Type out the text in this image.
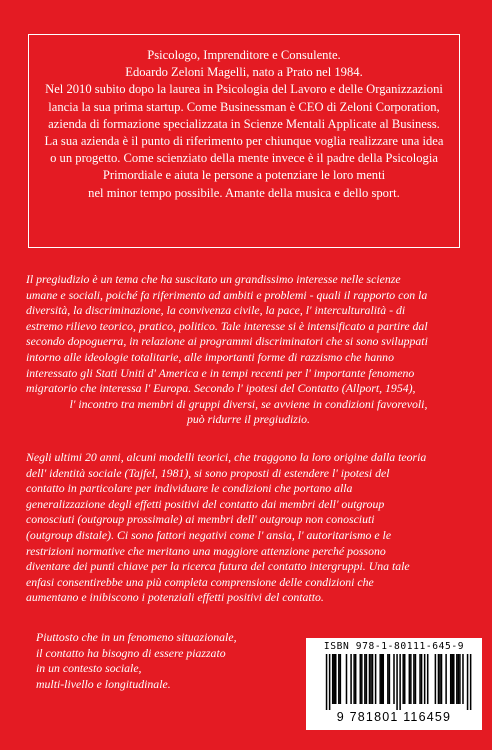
Psicologo, Imprenditore e Consulente.
Edoardo Zeloni Magelli, nato a Prato nel 1984.
Nel 2010 subito dopo la laurea in Psicologia del Lavoro e delle Organizzazioni
lancia la sua prima startup. Come Businessman è CEO di Zeloni Corporation,
azienda di formazione specializzata in Scienze Mentali Applicate al Business.
La sua azienda è il punto di riferimento per chiunque voglia realizzare una idea
o un progetto. Come scienziato della mente invece è il padre della Psicologia
Primordiale e aiuta le persone a potenziare le loro menti
nel minor tempo possibile. Amante della musica e dello sport.
Il pregiudizio è un tema che ha suscitato un grandissimo interesse nelle scienze
umane e sociali, poiché fa riferimento ad ambiti e problemi - quali il rapporto con la
diversità, la discriminazione, la convivenza civile, la pace, l' interculturalità - di
estremo rilievo teorico, pratico, politico. Tale interesse si è intensificato a partire dal
secondo dopoguerra, in relazione ai programmi discriminatori che si sono sviluppati
intorno alle ideologie totalitarie, alle importanti forme di razzismo che hanno
interessato gli Stati Uniti d' America e in tempi recenti per l' importante fenomeno
migratorio che interessa l' Europa. Secondo l' ipotesi del Contatto (Allport, 1954),
l' incontro tra membri di gruppi diversi, se avviene in condizioni favorevoli,
può ridurre il pregiudizio.
Negli ultimi 20 anni, alcuni modelli teorici, che traggono la loro origine dalla teoria
dell' identità sociale (Tajfel, 1981), si sono proposti di estendere l' ipotesi del
contatto in particolare per individuare le condizioni che portano alla
generalizzazione degli effetti positivi del contatto dai membri dell' outgroup
conosciuti (outgroup prossimale) ai membri dell' outgroup non conosciuti
(outgroup distale). Ci sono fattori negativi come l' ansia, l' autoritarismo e le
restrizioni normative che meritano una maggiore attenzione perché possono
diventare dei punti chiave per la ricerca futura del contatto intergruppi. Una tale
enfasi consentirebbe una più completa comprensione delle condizioni che
aumentano e inibiscono i potenziali effetti positivi del contatto.
Piuttosto che in un fenomeno situazionale,
il contatto ha bisogno di essere piazzato
in un contesto sociale,
multi-livello e longitudinale.
ISBN 978-1-80111-645-9
9 781801 116459
